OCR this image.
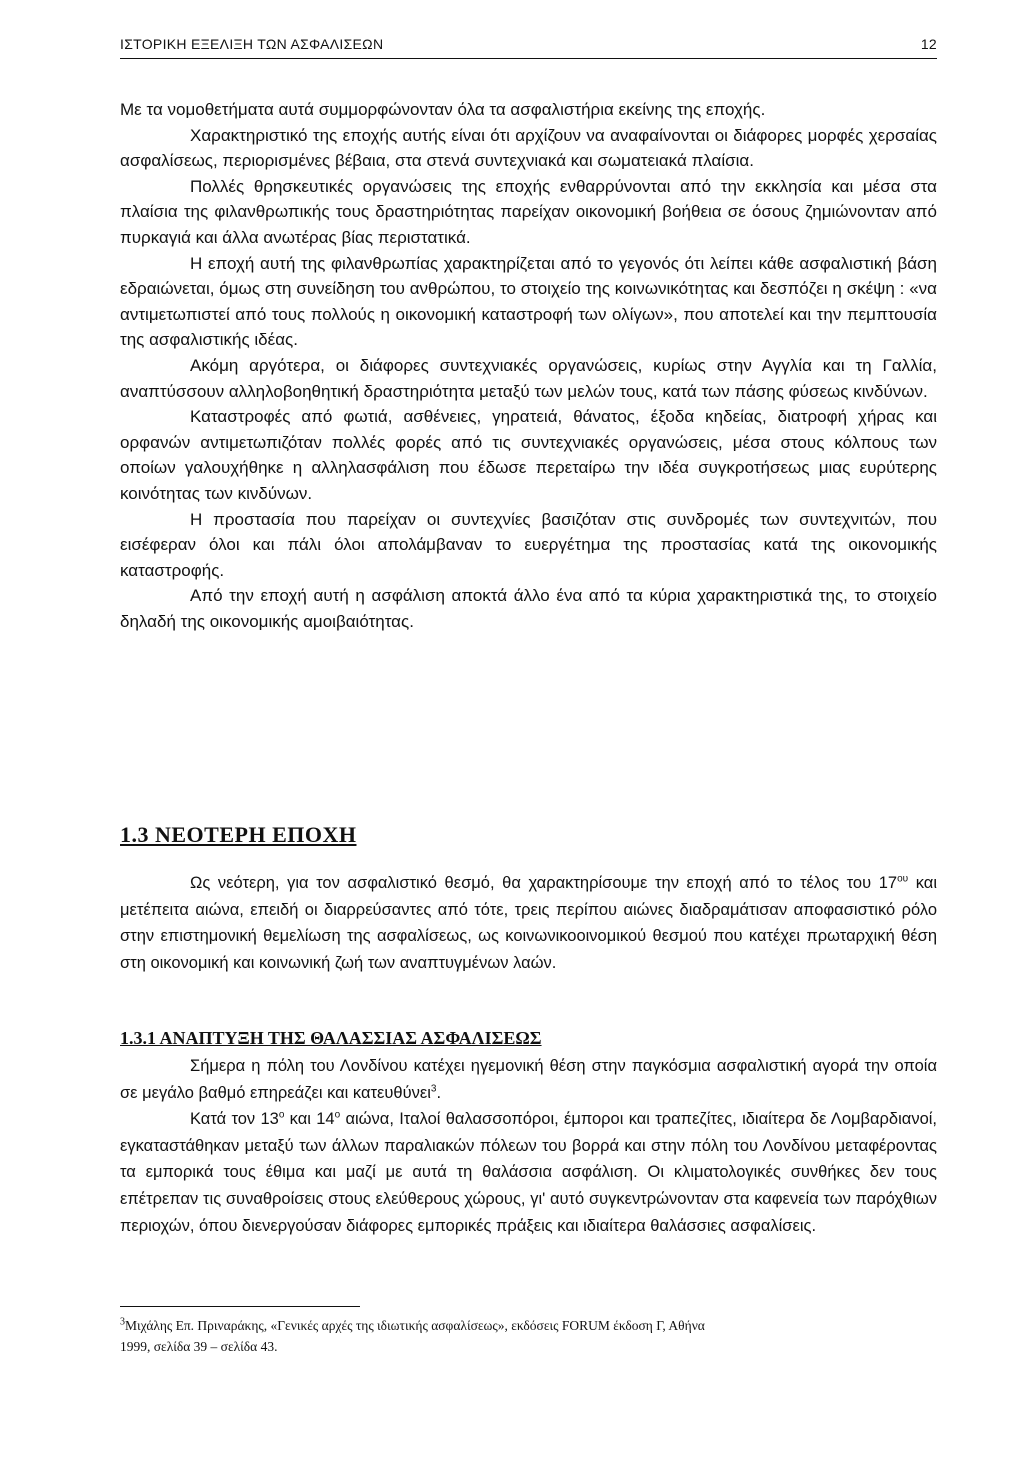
ΙΣΤΟΡΙΚΗ ΕΞΕΛΙΞΗ ΤΩΝ ΑΣΦΑΛΙΣΕΩΝ	12

Με τα νομοθετήματα αυτά συμμορφώνονταν όλα τα ασφαλιστήρια εκείνης της εποχής.

Χαρακτηριστικό της εποχής αυτής είναι ότι αρχίζουν να αναφαίνονται οι διάφορες μορφές χερσαίας ασφαλίσεως, περιορισμένες βέβαια, στα στενά συντεχνιακά και σωματειακά πλαίσια.

Πολλές θρησκευτικές οργανώσεις της εποχής ενθαρρύνονται από την εκκλησία και μέσα στα πλαίσια της φιλανθρωπικής τους δραστηριότητας παρείχαν οικονομική βοήθεια σε όσους ζημιώνονταν από πυρκαγιά και άλλα ανωτέρας βίας περιστατικά.

Η εποχή αυτή της φιλανθρωπίας χαρακτηρίζεται από το γεγονός ότι λείπει κάθε ασφαλιστική βάση εδραιώνεται, όμως στη συνείδηση του ανθρώπου, το στοιχείο της κοινωνικότητας και δεσπόζει η σκέψη : «να αντιμετωπιστεί από τους πολλούς η οικονομική καταστροφή των ολίγων», που αποτελεί και την πεμπτουσία της ασφαλιστικής ιδέας.

Ακόμη αργότερα, οι διάφορες συντεχνιακές οργανώσεις, κυρίως στην Αγγλία και τη Γαλλία, αναπτύσσουν αλληλοβοηθητική δραστηριότητα μεταξύ των μελών τους, κατά των πάσης φύσεως κινδύνων.

Καταστροφές από φωτιά, ασθένειες, γηρατειά, θάνατος, έξοδα κηδείας, διατροφή χήρας και ορφανών αντιμετωπιζόταν πολλές φορές από τις συντεχνιακές οργανώσεις, μέσα στους κόλπους των οποίων γαλουχήθηκε η αλληλασφάλιση που έδωσε περεταίρω την ιδέα συγκροτήσεως μιας ευρύτερης κοινότητας των κινδύνων.

Η προστασία που παρείχαν οι συντεχνίες βασιζόταν στις συνδρομές των συντεχνιτών, που εισέφεραν όλοι και πάλι όλοι απολάμβαναν το ευεργέτημα της προστασίας κατά της οικονομικής καταστροφής.

Από την εποχή αυτή η ασφάλιση αποκτά άλλο ένα από τα κύρια χαρακτηριστικά της, το στοιχείο δηλαδή της οικονομικής αμοιβαιότητας.

1.3 ΝΕΟΤΕΡΗ ΕΠΟΧΗ

Ως νεότερη, για τον ασφαλιστικό θεσμό, θα χαρακτηρίσουμε την εποχή από το τέλος του $17^{o\upsilon}$ και μετέπειτα αιώνα, επειδή οι διαρρεύσαντες από τότε, τρεις περίπου αιώνες διαδραμάτισαν αποφασιστικό ρόλο στην επιστημονική θεμελίωση της ασφαλίσεως, ως κοινωνικοοινομικού θεσμού που κατέχει πρωταρχική θέση στη οικονομική και κοινωνική ζωή των αναπτυγμένων λαών.

1.3.1 ΑΝΑΠΤΥΞΗ ΤΗΣ ΘΑΛΑΣΣΙΑΣ ΑΣΦΑΛΙΣΕΩΣ

Σήμερα η πόλη του Λονδίνου κατέχει ηγεμονική θέση στην παγκόσμια ασφαλιστική αγορά την οποία σε μεγάλο βαθμό επηρεάζει και κατευθύνει$^3$.

Κατά τον $13^o$ και $14^o$ αιώνα, Ιταλοί θαλασσοπόροι, έμποροι και τραπεζίτες, ιδιαίτερα δε Λομβαρδιανοί, εγκαταστάθηκαν μεταξύ των άλλων παραλιακών πόλεων του βορρά και στην πόλη του Λονδίνου μεταφέροντας τα εμπορικά τους έθιμα και μαζί με αυτά τη θαλάσσια ασφάλιση. Οι κλιματολογικές συνθήκες δεν τους επέτρεπαν τις συναθροίσεις στους ελεύθερους χώρους, γι' αυτό συγκεντρώνονταν στα καφενεία των παρόχθιων περιοχών, όπου διενεργούσαν διάφορες εμπορικές πράξεις και ιδιαίτερα θαλάσσιες ασφαλίσεις.

$^3$Μιχάλης Επ. Πριναράκης, «Γενικές αρχές της ιδιωτικής ασφαλίσεως», εκδόσεις FORUM έκδοση Γ, Αθήνα
1999, σελίδα 39 – σελίδα 43.
